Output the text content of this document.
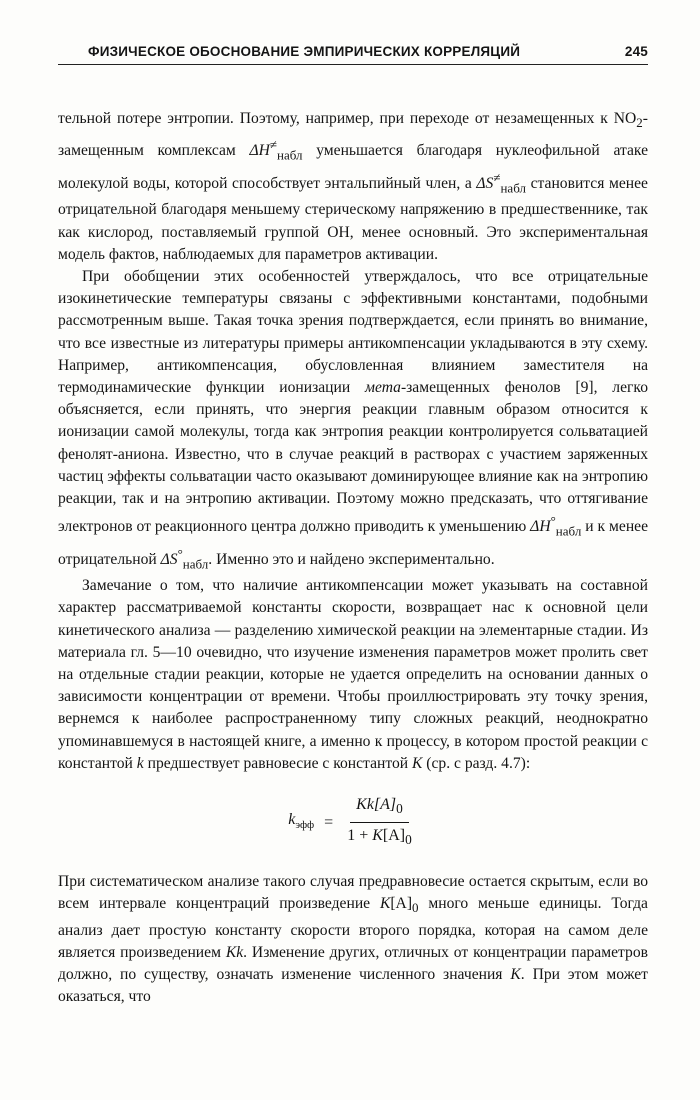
ФИЗИЧЕСКОЕ ОБОСНОВАНИЕ ЭМПИРИЧЕСКИХ КОРРЕЛЯЦИЙ	245

тельной потере энтропии. Поэтому, например, при переходе от незамещенных к $NO_2$-замещенным комплексам $\Delta H^\ne_{набл}$ уменьшается благодаря нуклеофильной атаке молекулой воды, которой способствует энтальпийный член, а $\Delta S^\ne_{набл}$ становится менее отрицательной благодаря меньшему стерическому напряжению в предшественнике, так как кислород, поставляемый группой ОН, менее основный. Это экспериментальная модель фактов, наблюдаемых для параметров активации.

При обобщении этих особенностей утверждалось, что все отрицательные изокинетические температуры связаны с эффективными константами, подобными рассмотренным выше. Такая точка зрения подтверждается, если принять во внимание, что все известные из литературы примеры антикомпенсации укладываются в эту схему. Например, антикомпенсация, обусловленная влиянием заместителя на термодинамические функции ионизации мета-замещенных фенолов [9], легко объясняется, если принять, что энергия реакции главным образом относится к ионизации самой молекулы, тогда как энтропия реакции контролируется сольватацией фенолят-аниона. Известно, что в случае реакций в растворах с участием заряженных частиц эффекты сольватации часто оказывают доминирующее влияние как на энтропию реакции, так и на энтропию активации. Поэтому можно предсказать, что оттягивание электронов от реакционного центра должно приводить к уменьшению $\Delta H^\circ_{набл}$ и к менее отрицательной $\Delta S^\circ_{набл}$. Именно это и найдено экспериментально.

Замечание о том, что наличие антикомпенсации может указывать на составной характер рассматриваемой константы скорости, возвращает нас к основной цели кинетического анализа — разделению химической реакции на элементарные стадии. Из материала гл. 5—10 очевидно, что изучение изменения параметров может пролить свет на отдельные стадии реакции, которые не удается определить на основании данных о зависимости концентрации от времени. Чтобы проиллюстрировать эту точку зрения, вернемся к наиболее распространенному типу сложных реакций, неоднократно упоминавшемуся в настоящей книге, а именно к процессу, в котором простой реакции с константой k предшествует равновесие с константой K (ср. с разд. 4.7):

$k_{эфф} = \frac{Kk[A]_0}{1 + K[A]_0}$

При систематическом анализе такого случая предравновесие остается скрытым, если во всем интервале концентраций произведение $K[A]_0$ много меньше единицы. Тогда анализ дает простую константу скорости второго порядка, которая на самом деле является произведением Kk. Изменение других, отличных от концентрации параметров должно, по существу, означать изменение численного значения K. При этом может оказаться, что
